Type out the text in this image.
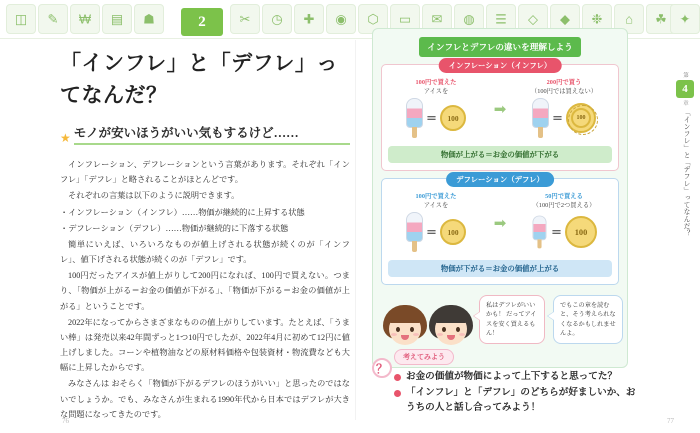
◫	✎	₩	▤	☗	✂	◷	✚	◉	⬡	▭	✉	◍	☰	◇	◆	❉	⌂	☘ ✦
2
「インフレ」と「デフレ」ってなんだ？
★ モノが安いほうがいい気もするけど……

インフレーション、デフレーションという言葉があります。それぞれ「インフレ」「デフレ」と略されることがほとんどです。

それぞれの言葉は以下のように説明できます。

・インフレーション（インフレ）……物価が継続的に上昇する状態

・デフレーション（デフレ）……物価が継続的に下落する状態

簡単にいえば、いろいろなものが値上げされる状態が続くのが「インフレ」、値下げされる状態が続くのが「デフレ」です。

100円だったアイスが値上がりして200円になれば、100円で買えない。つまり、「物価が上がる＝お金の価値が下がる」、「物価が下がる＝お金の価値が上がる」ということです。

2022年になってからさまざまなものの値上がりしています。たとえば、「うまい棒」は発売以来42年間ずっと1つ10円でしたが、2022年4月に初めて12円に値上げしました。コーンや植物油などの原材料価格や包装資材・物流費なども大幅に上昇したからです。

みなさんは おそらく「物価が下がるデフレのほうがいい」と思ったのではないでしょうか。でも、みなさんが生まれる1990年代から日本ではデフレが大きな問題になってきたのです。

インフレとデフレの違いを理解しよう
インフレーション（インフレ）
100円で買えた
アイスを
＝	100
➡
200円で買う
（100円では買えない）
＝	100
物価が上がる＝お金の価値が下がる
デフレーション（デフレ）
100円で買えた
アイスを
＝	100
➡
50円で買える
（100円で2つ買える）
＝	100
物価が下がる＝お金の価値が上がる
私はデフレがいいかも！ だってアイスを安く買えるもん！
でもこの章を読むと、そう考えられなくなるかもしれませんよ。
？
考えてみよう
お金の価値が物価によって上下すると思ってた？
「インフレ」と「デフレ」のどちらが好ましいか、おうちの人と話し合ってみよう！
第
4
章
「インフレ」と「デフレ」ってなんだ？
76	77
